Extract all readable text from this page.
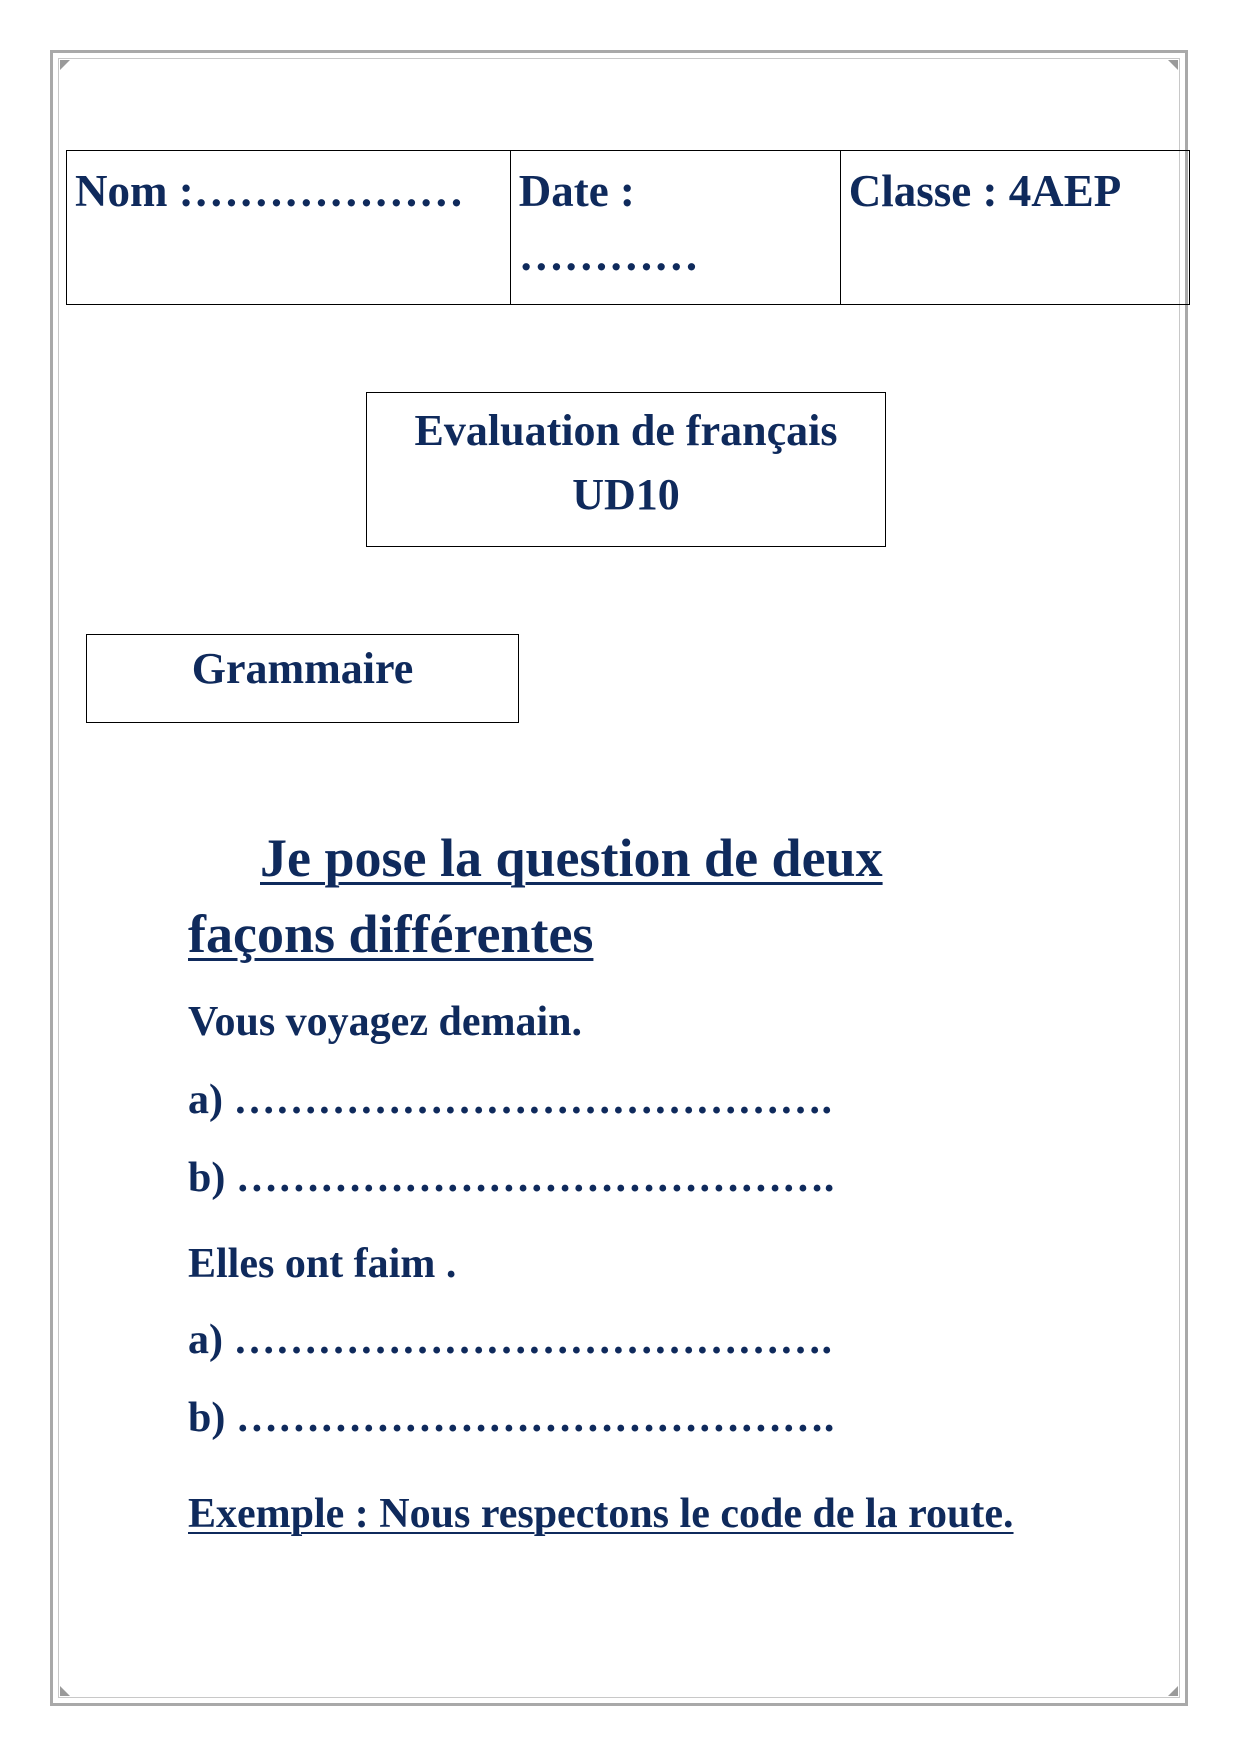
Nom :………………	Date :
…………	Classe : 4AEP
Evaluation de français
UD10
Grammaire
Je pose la question de deux
façons différentes
Vous voyagez demain.
a) …………………………………….
b) …………………………………….
Elles ont faim .
a) …………………………………….
b) …………………………………….
Exemple : Nous respectons le code de la route.
